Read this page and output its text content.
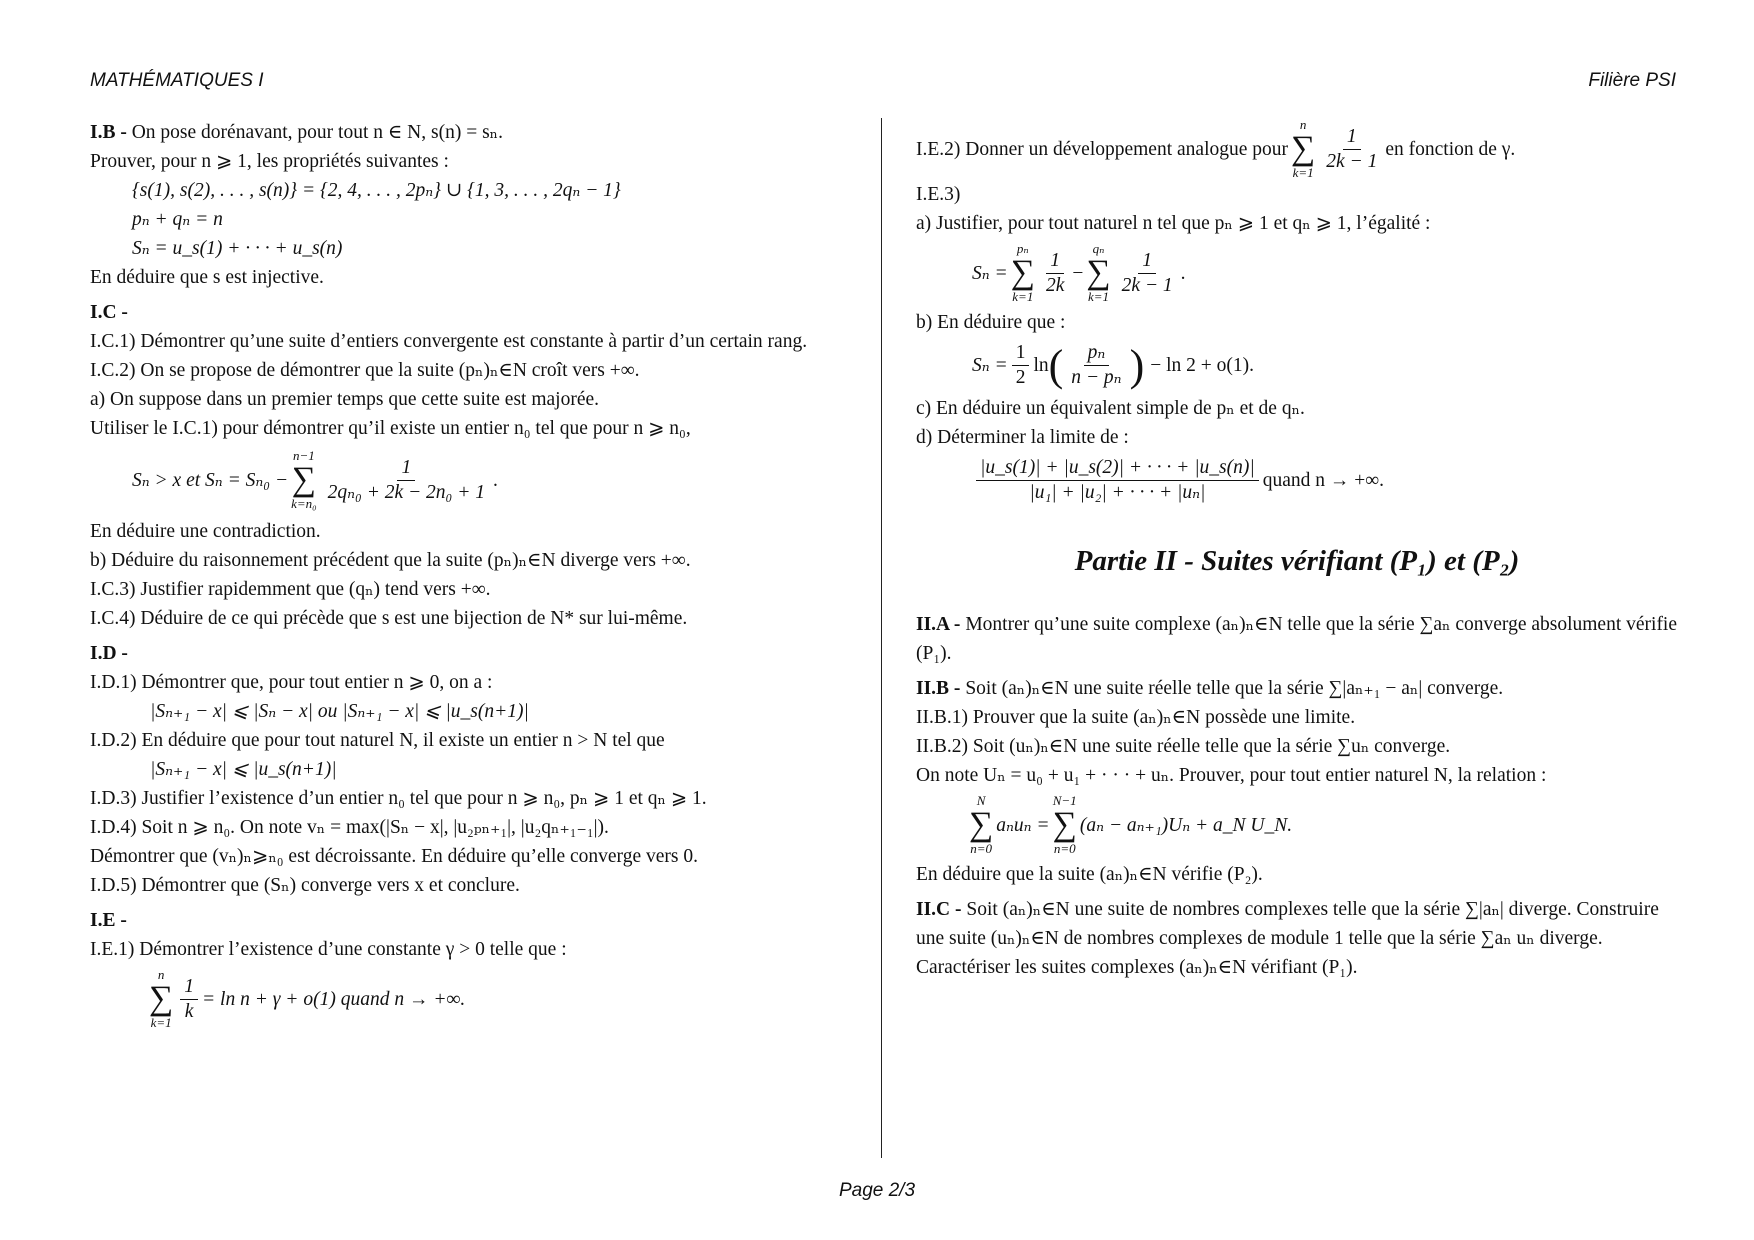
MATHÉMATIQUES I	Filière PSI

I.B - On pose dorénavant, pour tout n ∈ N, s(n) = sₙ.

Prouver, pour n ⩾ 1, les propriétés suivantes :

{s(1), s(2), . . . , s(n)} = {2, 4, . . . , 2pₙ} ∪ {1, 3, . . . , 2qₙ − 1}

pₙ + qₙ = n

Sₙ = u_s(1) + · · · + u_s(n)

En déduire que s est injective.

I.C -

I.C.1) Démontrer qu’une suite d’entiers convergente est constante à partir d’un certain rang.

I.C.2) On se propose de démontrer que la suite (pₙ)ₙ∈N croît vers +∞.

a) On suppose dans un premier temps que cette suite est majorée.

Utiliser le I.C.1) pour démontrer qu’il existe un entier n₀ tel que pour n ⩾ n₀,

Sₙ > x et Sₙ = Sₙ₀ −
n−1
∑
$k=n_0 \frac{1}{\text{2qₙ₀ + 2k − 2n₀ + 1}}$ .

En déduire une contradiction.

b) Déduire du raisonnement précédent que la suite (pₙ)ₙ∈N diverge vers +∞.

I.C.3) Justifier rapidemment que (qₙ) tend vers +∞.

I.C.4) Déduire de ce qui précède que s est une bijection de N* sur lui-même.

I.D -

I.D.1) Démontrer que, pour tout entier n ⩾ 0, on a :

|Sₙ₊₁ − x| ⩽ |Sₙ − x| ou |Sₙ₊₁ − x| ⩽ |u_s(n+1)|

I.D.2) En déduire que pour tout naturel N, il existe un entier n > N tel que

|Sₙ₊₁ − x| ⩽ |u_s(n+1)|

I.D.3) Justifier l’existence d’un entier n₀ tel que pour n ⩾ n₀, pₙ ⩾ 1 et qₙ ⩾ 1.

I.D.4) Soit n ⩾ n₀. On note vₙ = max(|Sₙ − x|, |u₂ₚₙ₊₁|, |u₂qₙ₊₁₋₁|).

Démontrer que (vₙ)ₙ⩾ₙ₀ est décroissante. En déduire qu’elle converge vers 0.

I.D.5) Démontrer que (Sₙ) converge vers x et conclure.

I.E -

I.E.1) Démontrer l’existence d’une constante γ > 0 telle que :

n
∑
$k=1 \frac{1}{k} = \ln n + \gamma + o(1)$ quand n → +∞.
I.E.2) Donner un développement analogue pour
n
∑
$k=1 \frac{1}{2k - 1}$ en fonction de γ.

I.E.3)

a) Justifier, pour tout naturel n tel que pₙ ⩾ 1 et qₙ ⩾ 1, l’égalité :

Sₙ =
pₙ
∑
$k=1 \frac{1}{2k}$ −
qₙ
∑
$k=1 \frac{1}{2k - 1}$ .

b) En déduire que :

$S_n = \frac{1}{2}$ ln ( $\frac{\text{pₙ}}{\text{n − pₙ}}$ ) − ln 2 + o(1).

c) En déduire un équivalent simple de pₙ et de qₙ.

d) Déterminer la limite de :

$\frac{|u\_s(1)| + |u\_s(2)| + \cdot \cdot \cdot + |u\_s(n)|}{\text{|u₁| + |u₂| + · · · + |uₙ|}}$ quand n → +∞.

Partie II - Suites vérifiant (P₁) et (P₂)

II.A - Montrer qu’une suite complexe (aₙ)ₙ∈N telle que la série ∑aₙ converge absolument vérifie (P₁).

II.B - Soit (aₙ)ₙ∈N une suite réelle telle que la série ∑|aₙ₊₁ − aₙ| converge.

II.B.1) Prouver que la suite (aₙ)ₙ∈N possède une limite.

II.B.2) Soit (uₙ)ₙ∈N une suite réelle telle que la série ∑uₙ converge.

On note Uₙ = u₀ + u₁ + · · · + uₙ. Prouver, pour tout entier naturel N, la relation :

N
∑
n=0
aₙuₙ =
N−1
∑
n=0
(aₙ − aₙ₊₁)Uₙ + a_N U_N.

En déduire que la suite (aₙ)ₙ∈N vérifie (P₂).

II.C - Soit (aₙ)ₙ∈N une suite de nombres complexes telle que la série ∑|aₙ| diverge. Construire une suite (uₙ)ₙ∈N de nombres complexes de module 1 telle que la série ∑aₙ uₙ diverge. Caractériser les suites complexes (aₙ)ₙ∈N vérifiant (P₁).

Page 2/3
